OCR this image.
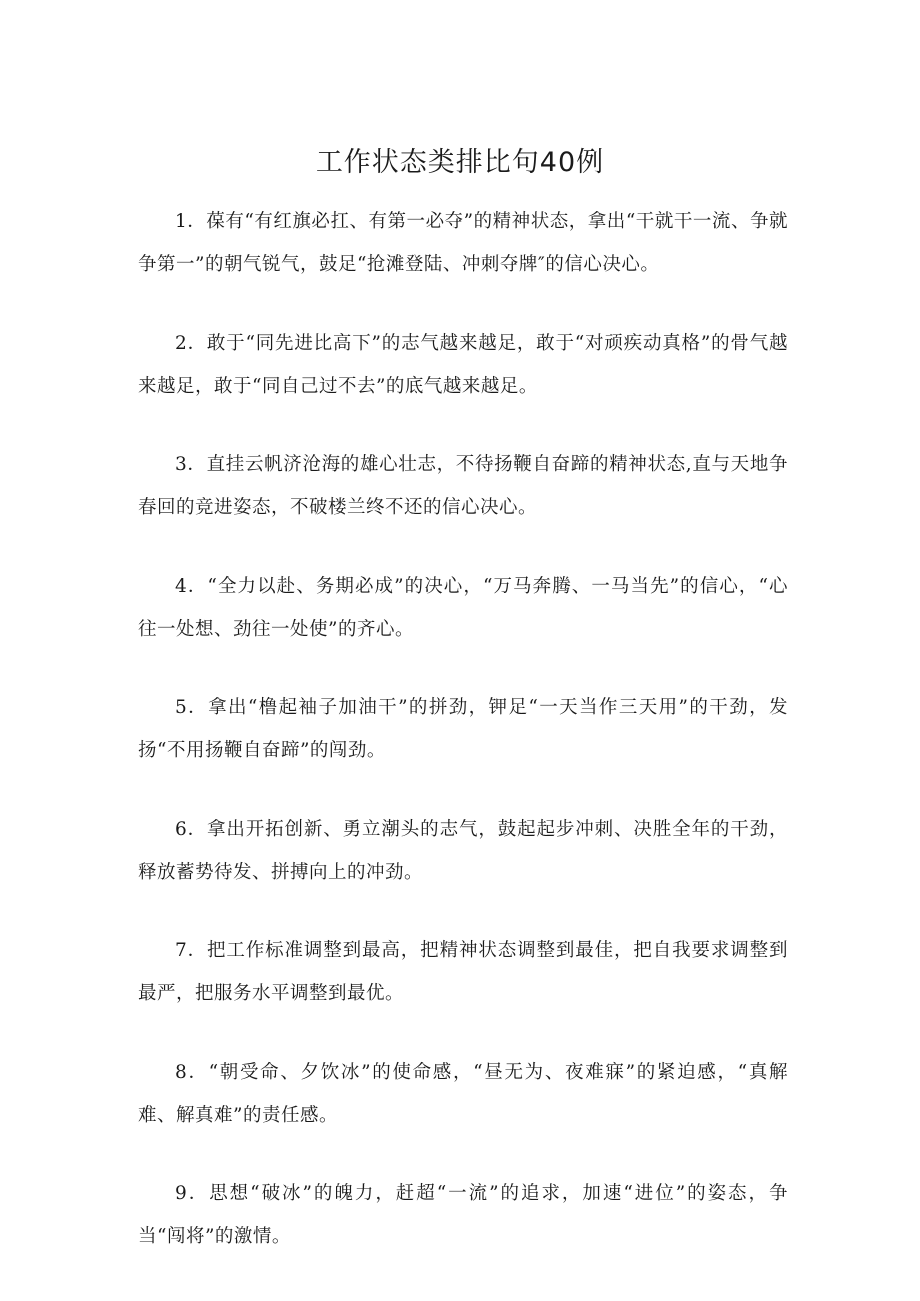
工作状态类排比句40例
1．葆有“有红旗必扛、有第一必夺”的精神状态，拿出“干就干一流、争就争第一”的朝气锐气，鼓足“抢滩登陆、冲刺夺牌″的信心决心。
2．敢于“同先进比高下”的志气越来越足，敢于“对顽疾动真格”的骨气越来越足，敢于“同自己过不去”的底气越来越足。
3．直挂云帆济沧海的雄心壮志，不待扬鞭自奋蹄的精神状态,直与天地争春回的竞进姿态，不破楼兰终不还的信心决心。
4．“全力以赴、务期必成”的决心，“万马奔腾、一马当先”的信心，“心往一处想、劲往一处使”的齐心。
5．拿出“橹起袖子加油干”的拼劲，钾足“一天当作三天用”的干劲，发扬“不用扬鞭自奋蹄”的闯劲。
6．拿出开拓创新、勇立潮头的志气，鼓起起步冲刺、决胜全年的干劲，释放蓄势待发、拼搏向上的冲劲。
7．把工作标准调整到最高，把精神状态调整到最佳，把自我要求调整到最严，把服务水平调整到最优。
8．“朝受命、夕饮冰”的使命感，“昼无为、夜难寐”的紧迫感，“真解难、解真难”的责任感。
9．思想“破冰”的魄力，赶超“一流”的追求，加速“进位”的姿态，争当“闯将”的激情。
